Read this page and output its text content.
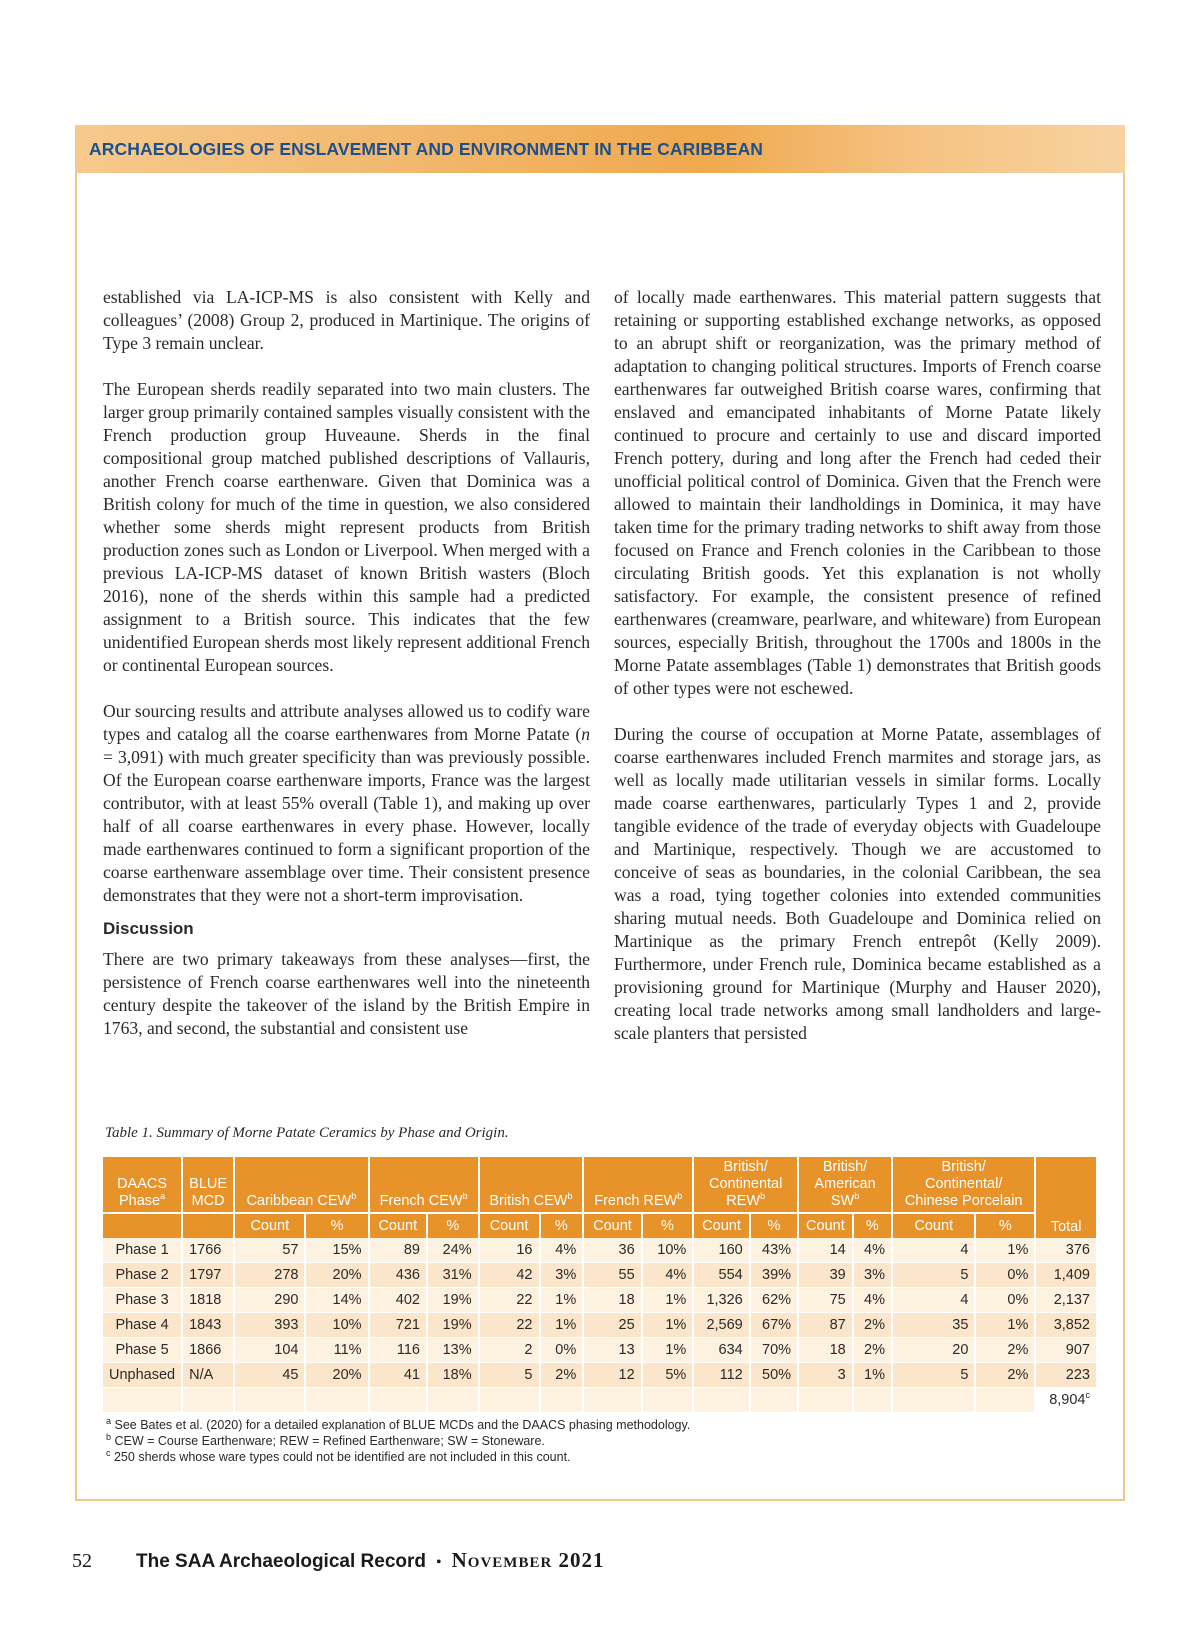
ARCHAEOLOGIES OF ENSLAVEMENT AND ENVIRONMENT IN THE CARIBBEAN

established via LA-ICP-MS is also consistent with Kelly and colleagues’ (2008) Group 2, produced in Martinique. The origins of Type 3 remain unclear.

The European sherds readily separated into two main clusters. The larger group primarily contained samples visually consistent with the French production group Huveaune. Sherds in the final compositional group matched published descriptions of Vallauris, another French coarse earthenware. Given that Dominica was a British colony for much of the time in question, we also considered whether some sherds might represent products from British production zones such as London or Liverpool. When merged with a previous LA-ICP-MS dataset of known British wasters (Bloch 2016), none of the sherds within this sample had a predicted assignment to a British source. This indicates that the few unidentified European sherds most likely represent additional French or continental European sources.

Our sourcing results and attribute analyses allowed us to codify ware types and catalog all the coarse earthenwares from Morne Patate (n = 3,091) with much greater specificity than was previously possible. Of the European coarse earthenware imports, France was the largest contributor, with at least 55% overall (Table 1), and making up over half of all coarse earthenwares in every phase. However, locally made earthenwares continued to form a significant proportion of the coarse earthenware assemblage over time. Their consistent presence demonstrates that they were not a short-term improvisation.

Discussion

There are two primary takeaways from these analyses—first, the persistence of French coarse earthenwares well into the nineteenth century despite the takeover of the island by the British Empire in 1763, and second, the substantial and consistent use

of locally made earthenwares. This material pattern suggests that retaining or supporting established exchange networks, as opposed to an abrupt shift or reorganization, was the primary method of adaptation to changing political structures. Imports of French coarse earthenwares far outweighed British coarse wares, confirming that enslaved and emancipated inhabitants of Morne Patate likely continued to procure and certainly to use and discard imported French pottery, during and long after the French had ceded their unofficial political control of Dominica. Given that the French were allowed to maintain their landholdings in Dominica, it may have taken time for the primary trading networks to shift away from those focused on France and French colonies in the Caribbean to those circulating British goods. Yet this explanation is not wholly satisfactory. For example, the consistent presence of refined earthenwares (creamware, pearlware, and whiteware) from European sources, especially British, throughout the 1700s and 1800s in the Morne Patate assemblages (Table 1) demonstrates that British goods of other types were not eschewed.

During the course of occupation at Morne Patate, assemblages of coarse earthenwares included French marmites and storage jars, as well as locally made utilitarian vessels in similar forms. Locally made coarse earthenwares, particularly Types 1 and 2, provide tangible evidence of the trade of everyday objects with Guadeloupe and Martinique, respectively. Though we are accustomed to conceive of seas as boundaries, in the colonial Caribbean, the sea was a road, tying together colonies into extended communities sharing mutual needs. Both Guadeloupe and Dominica relied on Martinique as the primary French entrepôt (Kelly 2009). Furthermore, under French rule, Dominica became established as a provisioning ground for Martinique (Murphy and Hauser 2020), creating local trade networks among small landholders and large-scale planters that persisted

Table 1. Summary of Morne Patate Ceramics by Phase and Origin.
DAACS Phase$^a$	BLUE MCD	Caribbean CEW$^b$		French CEW$^b$		British CEW$^b$		French REW$^b$		British/
Continental
REW$^b$		British/
American
$SW^b$		British/
Continental/
Chinese Porcelain		Total
		Count	%	Count	%	Count	%	Count	%	Count	%	Count	%	Count	%	
Phase 1	1766	57	15%	89	24%	16	4%	36	10%	160	43%	14	4%	4	1%	376
Phase 2	1797	278	20%	436	31%	42	3%	55	4%	554	39%	39	3%	5	0%	1,409
Phase 3	1818	290	14%	402	19%	22	1%	18	1%	1,326	62%	75	4%	4	0%	2,137
Phase 4	1843	393	10%	721	19%	22	1%	25	1%	2,569	67%	87	2%	35	1%	3,852
Phase 5	1866	104	11%	116	13%	2	0%	13	1%	634	70%	18	2%	20	2%	907
Unphased	N/A	45	20%	41	18%	5	2%	12	5%	112	50%	3	1%	5	2%	223
																8,904$^c$
$^a$ See Bates et al. (2020) for a detailed explanation of BLUE MCDs and the DAACS phasing methodology.
$^b$ CEW = Course Earthenware; REW = Refined Earthenware; SW = Stoneware.
$^c$ 250 sherds whose ware types could not be identified are not included in this count.
52 The SAA Archaeological Record • November 2021
